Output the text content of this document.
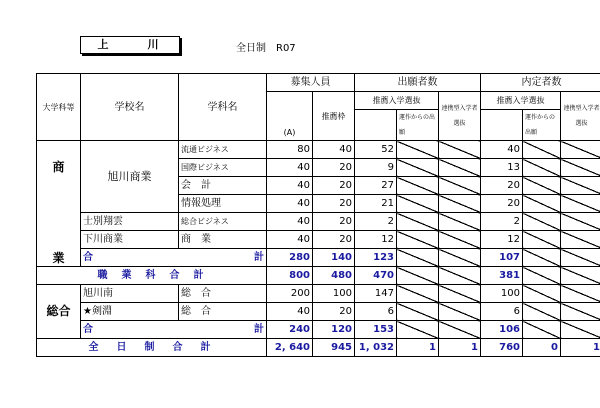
上　川	全日制　R07
大学科等	学校名	学科名	募集人員		出願者数			内定者数		
			(A)	推薦枠	推薦入学選抜		連携型入学者選抜	推薦入学選抜		連携型入学者選抜
						運作からの出願			運作からの出願	
商	旭川商業	流通ビジネス	80	40	52			40		
		国際ビジネス	40	20	9			13		
		会　計	40	20	27			20		
業		情報処理	40	20	21			20		
	士別翔雲	総合ビジネス	40	20	2			2		
	下川商業	商　業	40	20	12			12		

	合 計		280	140	123			107		
職　業　科　合　計			800	480	470			381		
総合	旭川南	総　合	200	100	147			100		
	★剣淵	総　合	40	20	6			6		

	合 計		240	120	153			106		
全　日　制　合　計			2, 640	945	1, 032	1	1	760	0	1
